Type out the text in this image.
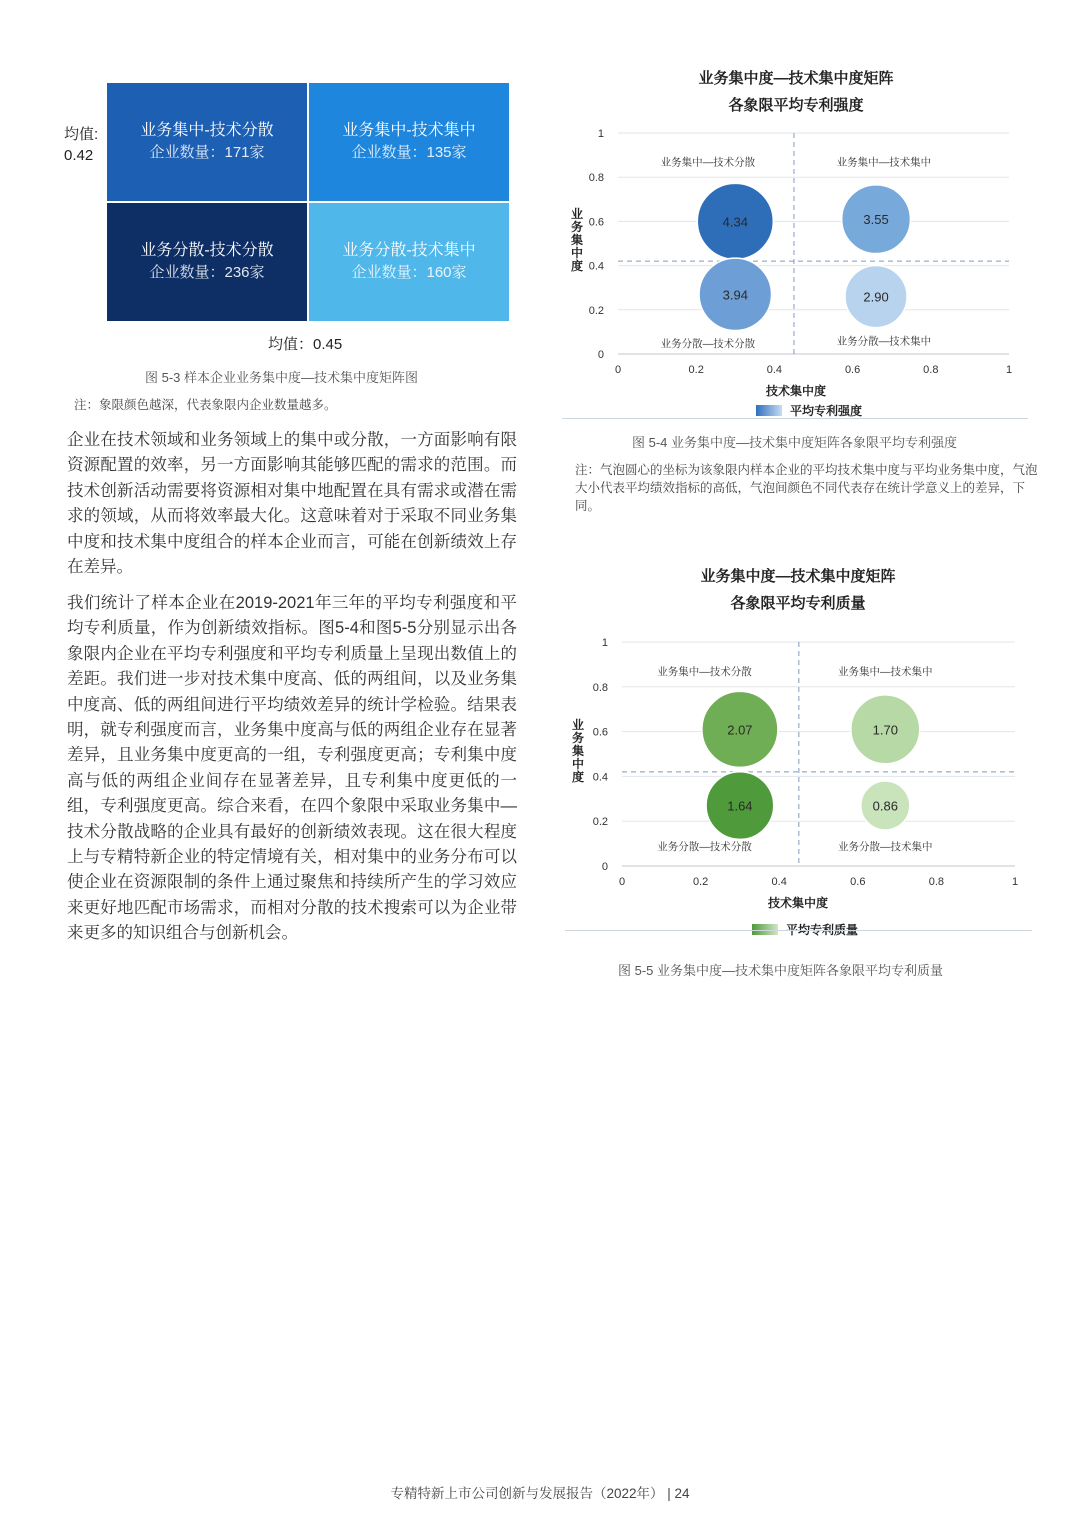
均值:
0.42
业务集中-技术分散
企业数量：171家
业务集中-技术集中
企业数量：135家
业务分散-技术分散
企业数量：236家
业务分散-技术集中
企业数量：160家
均值：0.45
图 5-3 样本企业业务集中度—技术集中度矩阵图
注：象限颜色越深，代表象限内企业数量越多。

企业在技术领域和业务领域上的集中或分散，一方面影响有限资源配置的效率，另一方面影响其能够匹配的需求的范围。而技术创新活动需要将资源相对集中地配置在具有需求或潜在需求的领域，从而将效率最大化。这意味着对于采取不同业务集中度和技术集中度组合的样本企业而言，可能在创新绩效上存在差异。

我们统计了样本企业在2019-2021年三年的平均专利强度和平均专利质量，作为创新绩效指标。图5-4和图5-5分别显示出各象限内企业在平均专利强度和平均专利质量上呈现出数值上的差距。我们进一步对技术集中度高、低的两组间，以及业务集中度高、低的两组间进行平均绩效差异的统计学检验。结果表明，就专利强度而言，业务集中度高与低的两组企业存在显著差异，且业务集中度更高的一组，专利强度更高；专利集中度高与低的两组企业间存在显著差异，且专利集中度更低的一组，专利强度更高。综合来看，在四个象限中采取业务集中—技术分散战略的企业具有最好的创新绩效表现。这在很大程度上与专精特新企业的特定情境有关，相对集中的业务分布可以使企业在资源限制的条件上通过聚焦和持续所产生的学习效应来更好地匹配市场需求，而相对分散的技术搜索可以为企业带来更多的知识组合与创新机会。

业务集中度—技术集中度矩阵
各象限平均专利强度
0
0.2
0.4
0.6
0.8
1
0	0.2	0.4	0.6	0.8	1
业务集中—技术分散	业务集中—技术集中
业务分散—技术分散	业务分散—技术集中
4.34	3.55
3.94	2.90
业务集中度
技术集中度
平均专利强度
图 5-4 业务集中度—技术集中度矩阵各象限平均专利强度
注：气泡圆心的坐标为该象限内样本企业的平均技术集中度与平均业务集中度，气泡大小代表平均绩效指标的高低，气泡间颜色不同代表存在统计学意义上的差异，下同。
业务集中度—技术集中度矩阵
各象限平均专利质量
0
0.2
0.4
0.6
0.8
1
0	0.2	0.4	0.6	0.8	1
业务集中—技术分散	业务集中—技术集中
业务分散—技术分散	业务分散—技术集中
2.07	1.70
1.64	0.86
业务集中度
技术集中度
平均专利质量
图 5-5 业务集中度—技术集中度矩阵各象限平均专利质量
专精特新上市公司创新与发展报告（2022年） | 24
